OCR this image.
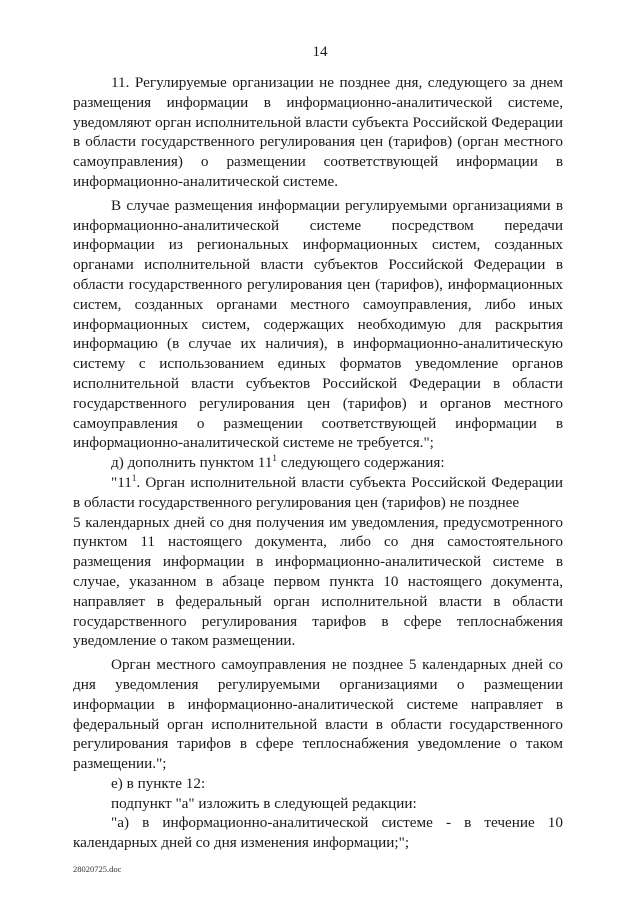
14

11. Регулируемые организации не позднее дня, следующего за днем размещения информации в информационно-аналитической системе, уведомляют орган исполнительной власти субъекта Российской Федерации в области государственного регулирования цен (тарифов) (орган местного самоуправления) о размещении соответствующей информации в информационно-аналитической системе.

В случае размещения информации регулируемыми организациями в информационно-аналитической системе посредством передачи информации из региональных информационных систем, созданных органами исполнительной власти субъектов Российской Федерации в области государственного регулирования цен (тарифов), информационных систем, созданных органами местного самоуправления, либо иных информационных систем, содержащих необходимую для раскрытия информацию (в случае их наличия), в информационно-аналитическую систему с использованием единых форматов уведомление органов исполнительной власти субъектов Российской Федерации в области государственного регулирования цен (тарифов) и органов местного самоуправления о размещении соответствующей информации в информационно-аналитической системе не требуется.";

д) дополнить пунктом $11^1$ следующего содержания:

"$11^1$. Орган исполнительной власти субъекта Российской Федерации в области государственного регулирования цен (тарифов) не позднее

5 календарных дней со дня получения им уведомления, предусмотренного пунктом 11 настоящего документа, либо со дня самостоятельного размещения информации в информационно-аналитической системе в случае, указанном в абзаце первом пункта 10 настоящего документа, направляет в федеральный орган исполнительной власти в области государственного регулирования тарифов в сфере теплоснабжения уведомление о таком размещении.

Орган местного самоуправления не позднее 5 календарных дней со дня уведомления регулируемыми организациями о размещении информации в информационно-аналитической системе направляет в федеральный орган исполнительной власти в области государственного регулирования тарифов в сфере теплоснабжения уведомление о таком размещении.";

е) в пункте 12:

подпункт "а" изложить в следующей редакции:

"а) в информационно-аналитической системе - в течение 10 календарных дней со дня изменения информации;";

28020725.doc
